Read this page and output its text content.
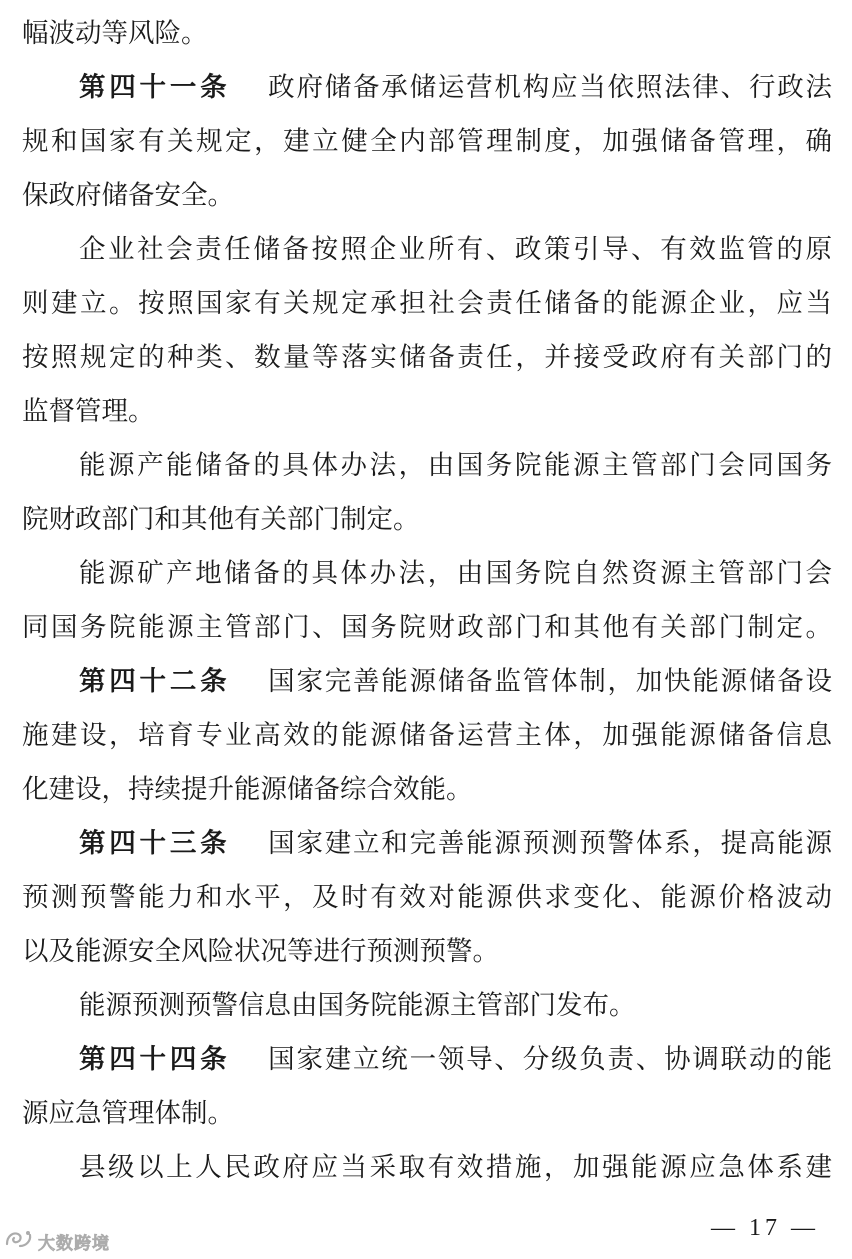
幅波动等风险。
第四十一条 政府储备承储运营机构应当依照法律、行政法
规和国家有关规定，建立健全内部管理制度，加强储备管理，确
保政府储备安全。
企业社会责任储备按照企业所有、政策引导、有效监管的原
则建立。按照国家有关规定承担社会责任储备的能源企业，应当
按照规定的种类、数量等落实储备责任，并接受政府有关部门的
监督管理。
能源产能储备的具体办法，由国务院能源主管部门会同国务
院财政部门和其他有关部门制定。
能源矿产地储备的具体办法，由国务院自然资源主管部门会
同国务院能源主管部门、国务院财政部门和其他有关部门制定。
第四十二条 国家完善能源储备监管体制，加快能源储备设
施建设，培育专业高效的能源储备运营主体，加强能源储备信息
化建设，持续提升能源储备综合效能。
第四十三条 国家建立和完善能源预测预警体系，提高能源
预测预警能力和水平，及时有效对能源供求变化、能源价格波动
以及能源安全风险状况等进行预测预警。
能源预测预警信息由国务院能源主管部门发布。
第四十四条 国家建立统一领导、分级负责、协调联动的能
源应急管理体制。
县级以上人民政府应当采取有效措施，加强能源应急体系建
— 17 —
大数跨境
